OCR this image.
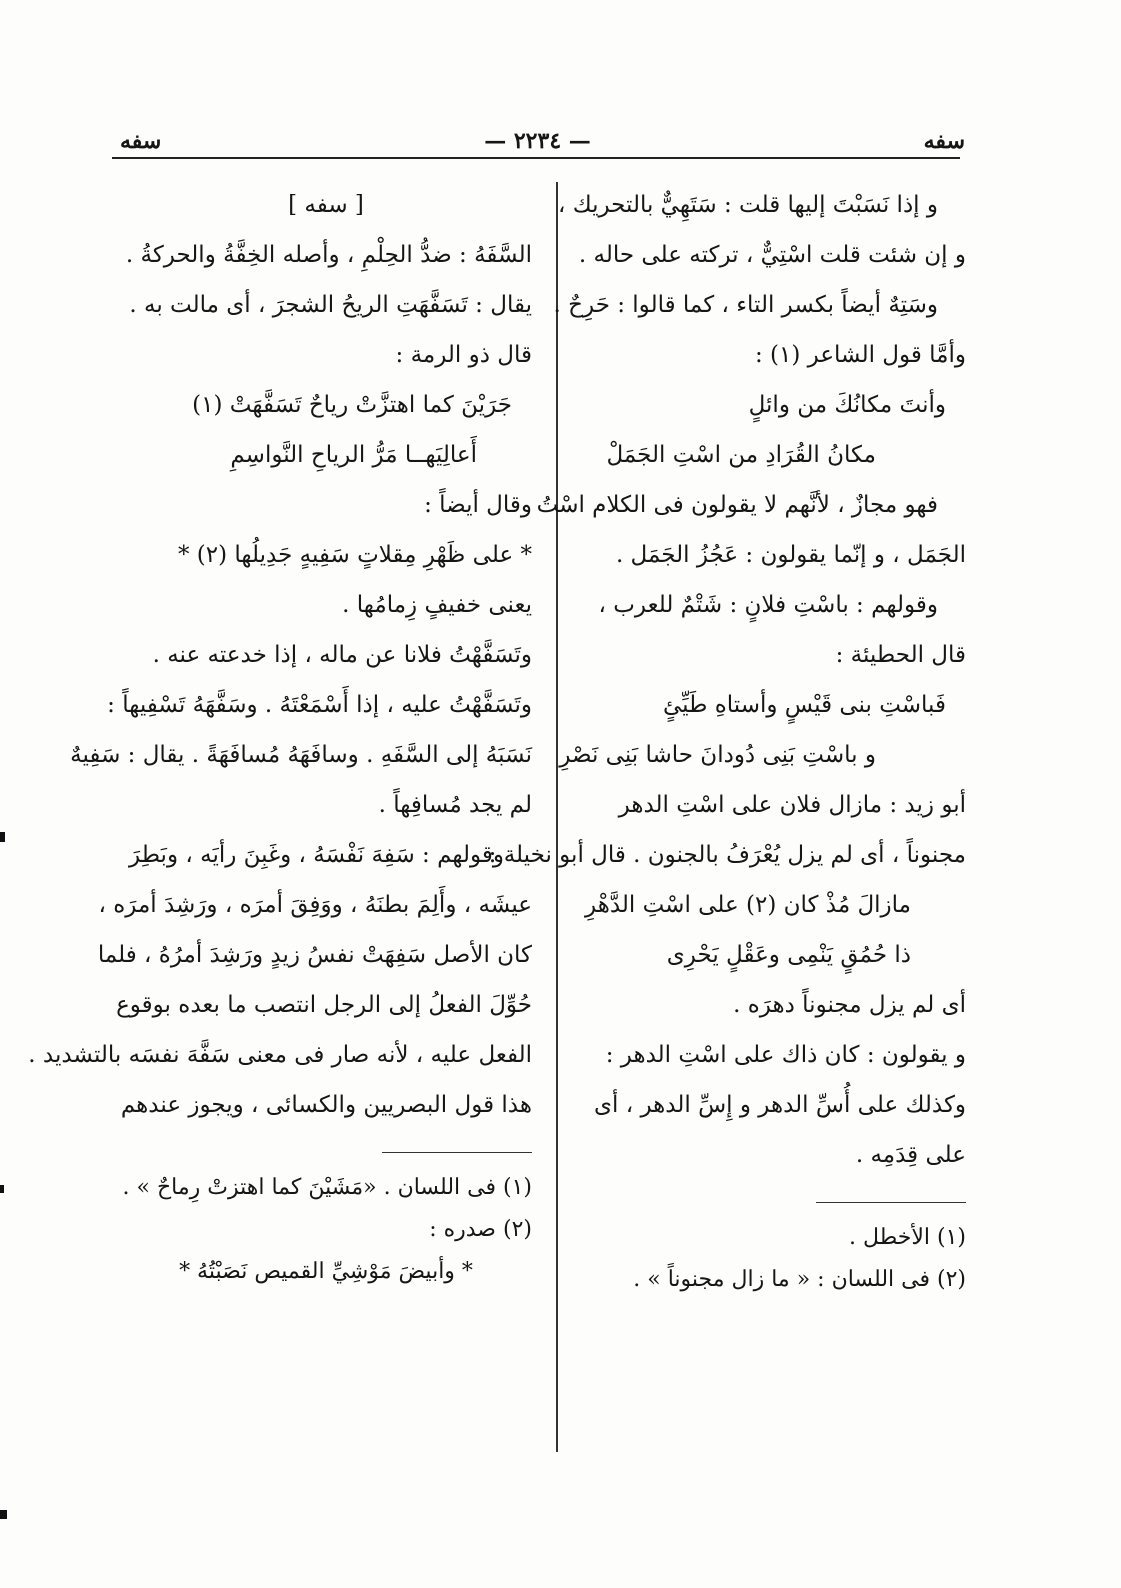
سفه
— ٢٢٣٤ —
سفه
و إذا نَسَبْتَ إليها قلت : سَتَهِيٌّ بالتحريك ،
و إن شئت قلت اسْتِيٌّ ، تركته على حاله .
وسَتِهٌ أيضاً بكسر التاء ، كما قالوا : حَرِحٌ .
وأمَّا قول الشاعر (١) :
وأنتَ مكانُكَ من وائلٍ
مكانُ القُرَادِ من اسْتِ الجَمَلْ
فهو مجازٌ ، لأنَّهم لا يقولون فى الكلام اسْتُ
الجَمَل ، و إنّما يقولون : عَجُزُ الجَمَل .
وقولهم : باسْتِ فلانٍ : شَتْمٌ للعرب ،
قال الحطيئة :
فَباسْتِ بنى قَيْسٍ وأستاهِ طَيِّئٍ
و باسْتِ بَنِى دُودانَ حاشا بَنِى نَصْرِ
أبو زيد : مازال فلان على اسْتِ الدهر
مجنوناً ، أى لم يزل يُعْرَفُ بالجنون . قال أبو نخيلة :
مازالَ مُذْ كان (٢) على اسْتِ الدَّهْرِ
ذا حُمُقٍ يَنْمِى وعَقْلٍ يَحْرِى
أى لم يزل مجنوناً دهرَه .
و يقولون : كان ذاك على اسْتِ الدهر :
وكذلك على أُسِّ الدهر و إِسِّ الدهر ، أى
على قِدَمِه .
(١) الأخطل .
(٢) فى اللسان : « ما زال مجنوناً » .
[ سفه ]
السَّفَهُ : ضدُّ الحِلْمِ ، وأصله الخِفَّةُ والحركةُ .
يقال : تَسَفَّهَتِ الريحُ الشجرَ ، أى مالت به .
قال ذو الرمة :
جَرَيْنَ كما اهتزَّتْ رياحٌ تَسَفَّهَتْ (١)
أَعالِيَهــا مَرُّ الرياحِ النَّواسِمِ
وقال أيضاً :
* على ظَهْرِ مِقلاتٍ سَفِيهٍ جَدِيلُها (٢) *
يعنى خفيفٍ زِمامُها .
وتَسَفَّهْتُ فلانا عن ماله ، إذا خدعته عنه .
وتَسَفَّهْتُ عليه ، إذا أَسْمَعْتَهُ . وسَفَّهَهُ تَسْفِيهاً :
نَسَبَهُ إلى السَّفَهِ . وسافَهَهُ مُسافَهَةً . يقال : سَفِيهٌ
لم يجد مُسافِهاً .
وقولهم : سَفِهَ نَفْسَهُ ، وغَبِنَ رأيَه ، وبَطِرَ
عيشَه ، وأَلِمَ بطنَهُ ، ووَفِقَ أمرَه ، ورَشِدَ أمرَه ،
كان الأصل سَفِهَتْ نفسُ زيدٍ ورَشِدَ أمرُهُ ، فلما
حُوِّلَ الفعلُ إلى الرجل انتصب ما بعده بوقوع
الفعل عليه ، لأنه صار فى معنى سَفَّهَ نفسَه بالتشديد .
هذا قول البصريين والكسائى ، ويجوز عندهم
(١) فى اللسان . «مَشَيْنَ كما اهتزتْ رِماحٌ » .
(٢) صدره :
* وأبيضَ مَوْشِيِّ القميص نَصَبْتُهُ *
